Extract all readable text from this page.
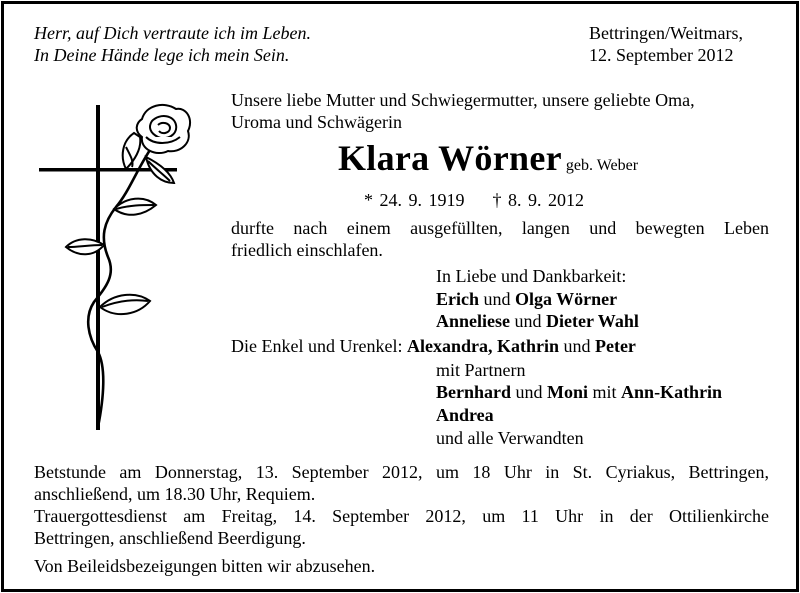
Herr, auf Dich vertraute ich im Leben.
In Deine Hände lege ich mein Sein.
Bettringen/Weitmars,
12. September 2012
Unsere liebe Mutter und Schwiegermutter, unsere geliebte Oma,
Uroma und Schwägerin
Klara Wörner geb. Weber
* 24. 9. 1919 † 8. 9. 2012
durfte nach einem ausgefüllten, langen und bewegten Leben
friedlich einschlafen.
In Liebe und Dankbarkeit:
Erich und Olga Wörner
Anneliese und Dieter Wahl
Die Enkel und Urenkel: Alexandra, Kathrin und Peter
mit Partnern
Bernhard und Moni mit Ann-Kathrin
Andrea
und alle Verwandten

Betstunde am Donnerstag, 13. September 2012, um 18 Uhr in St. Cyriakus, Bettringen,
anschließend, um 18.30 Uhr, Requiem.

Trauergottesdienst am Freitag, 14. September 2012, um 11 Uhr in der Ottilienkirche
Bettringen, anschließend Beerdigung.

Von Beileidsbezeigungen bitten wir abzusehen.
